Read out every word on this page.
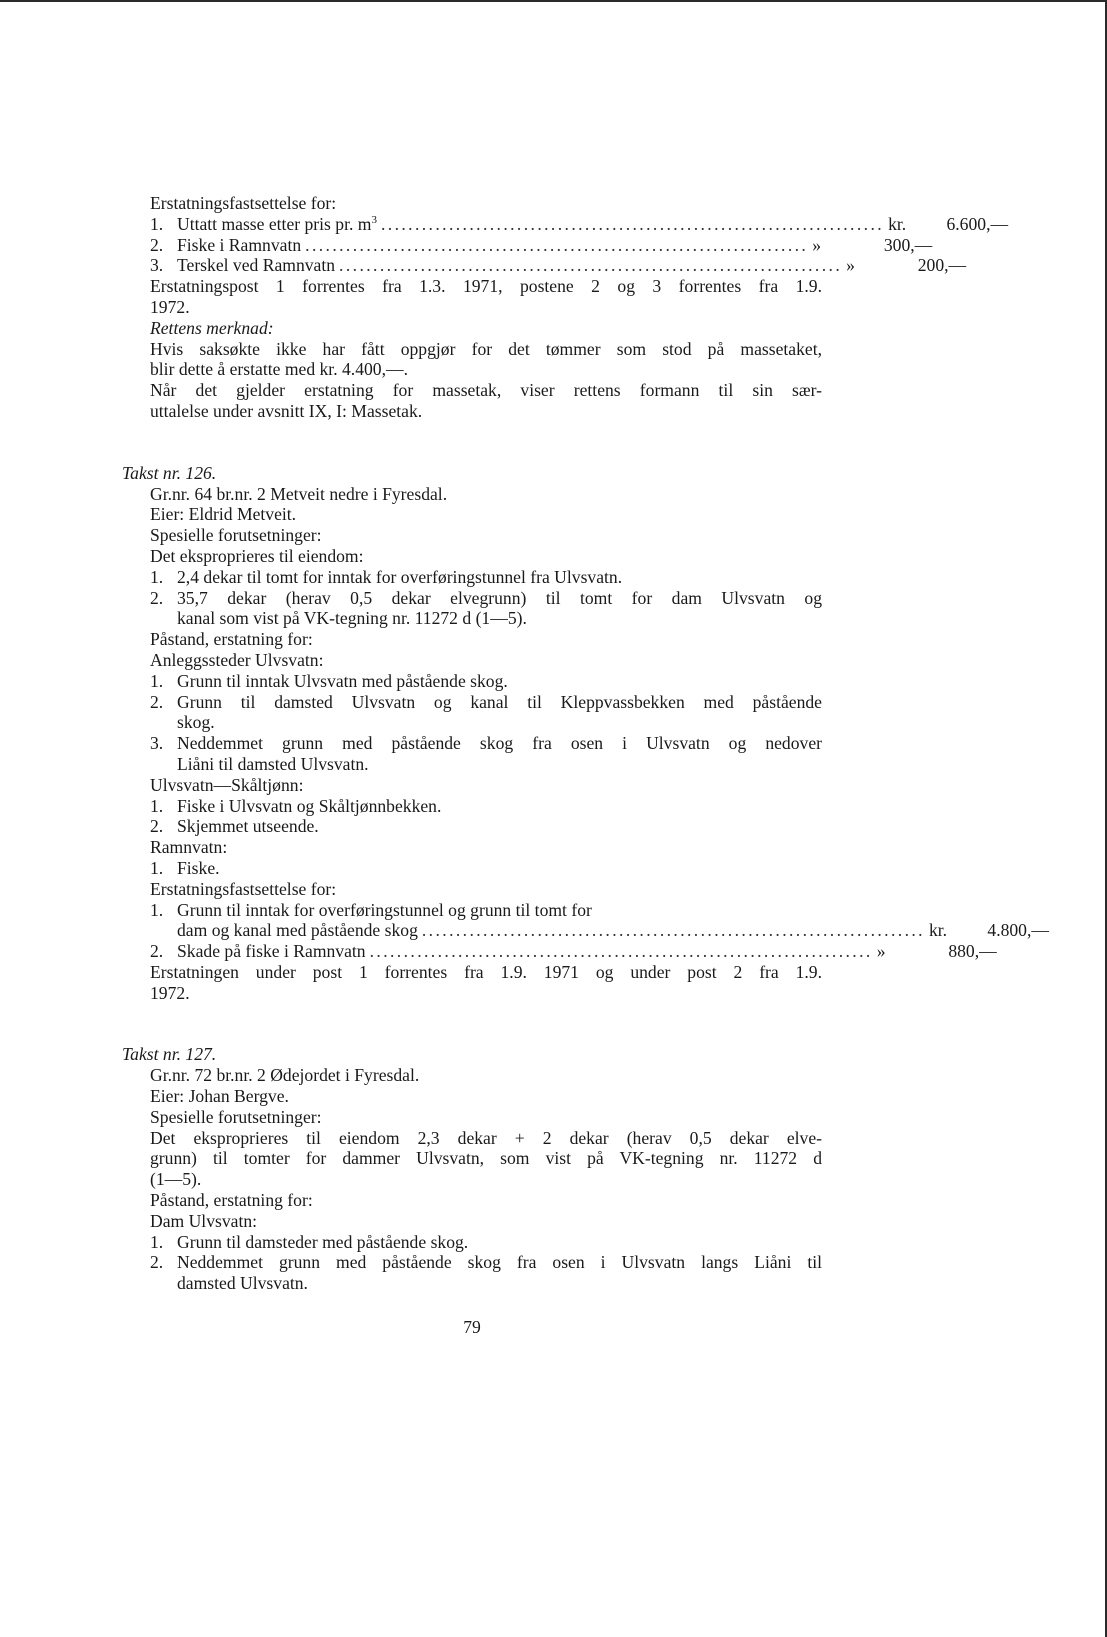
Erstatningsfastsettelse for:
1. Uttatt masse etter pris pr. $m^3$ .......................................................................... kr.	6.600,—
2. Fiske i Ramnvatn .......................................................................... »	300,—
3. Terskel ved Ramnvatn .......................................................................... »	200,—
Erstatningspost 1 forrentes fra 1.3. 1971, postene 2 og 3 forrentes fra 1.9.
1972.
Rettens merknad:
Hvis saksøkte ikke har fått oppgjør for det tømmer som stod på massetaket,
blir dette å erstatte med kr. 4.400,—.
Når det gjelder erstatning for massetak, viser rettens formann til sin sær-
uttalelse under avsnitt IX, I: Massetak.
Takst nr. 126.
Gr.nr. 64 br.nr. 2 Metveit nedre i Fyresdal.
Eier: Eldrid Metveit.
Spesielle forutsetninger:
Det eksproprieres til eiendom:
1. 2,4 dekar til tomt for inntak for overføringstunnel fra Ulvsvatn.
2. 35,7 dekar (herav 0,5 dekar elvegrunn) til tomt for dam Ulvsvatn og
kanal som vist på VK-tegning nr. 11272 d (1—5).
Påstand, erstatning for:
Anleggssteder Ulvsvatn:
1. Grunn til inntak Ulvsvatn med påstående skog.
2. Grunn til damsted Ulvsvatn og kanal til Kleppvassbekken med påstående
skog.
3. Neddemmet grunn med påstående skog fra osen i Ulvsvatn og nedover
Liåni til damsted Ulvsvatn.
Ulvsvatn—Skåltjønn:
1. Fiske i Ulvsvatn og Skåltjønnbekken.
2. Skjemmet utseende.
Ramnvatn:
1. Fiske.
Erstatningsfastsettelse for:
1. Grunn til inntak for overføringstunnel og grunn til tomt for
dam og kanal med påstående skog .......................................................................... kr.	4.800,—
2. Skade på fiske i Ramnvatn .......................................................................... »	880,—
Erstatningen under post 1 forrentes fra 1.9. 1971 og under post 2 fra 1.9.
1972.
Takst nr. 127.
Gr.nr. 72 br.nr. 2 Ødejordet i Fyresdal.
Eier: Johan Bergve.
Spesielle forutsetninger:
Det eksproprieres til eiendom 2,3 dekar + 2 dekar (herav 0,5 dekar elve-
grunn) til tomter for dammer Ulvsvatn, som vist på VK-tegning nr. 11272 d
(1—5).
Påstand, erstatning for:
Dam Ulvsvatn:
1. Grunn til damsteder med påstående skog.
2. Neddemmet grunn med påstående skog fra osen i Ulvsvatn langs Liåni til
damsted Ulvsvatn.
79
